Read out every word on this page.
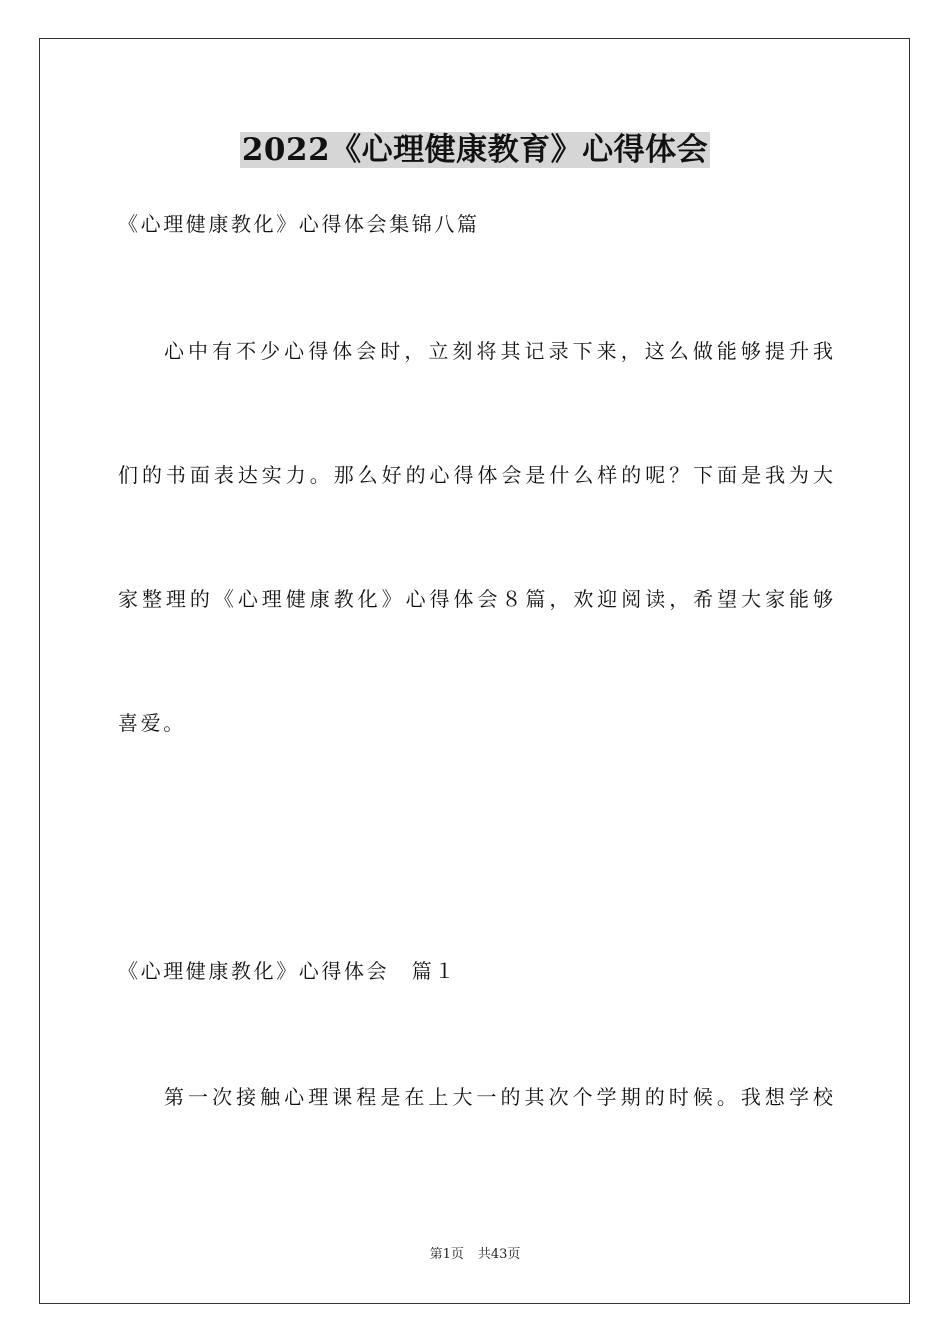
2022《心理健康教育》心得体会
《心理健康教化》心得体会集锦八篇
心中有不少心得体会时，立刻将其记录下来，这么做能够提升我
们的书面表达实力。那么好的心得体会是什么样的呢？下面是我为大
家整理的《心理健康教化》心得体会８篇，欢迎阅读，希望大家能够
喜爱。
《心理健康教化》心得体会　篇１
第一次接触心理课程是在上大一的其次个学期的时候。我想学校
第1页 共43页
